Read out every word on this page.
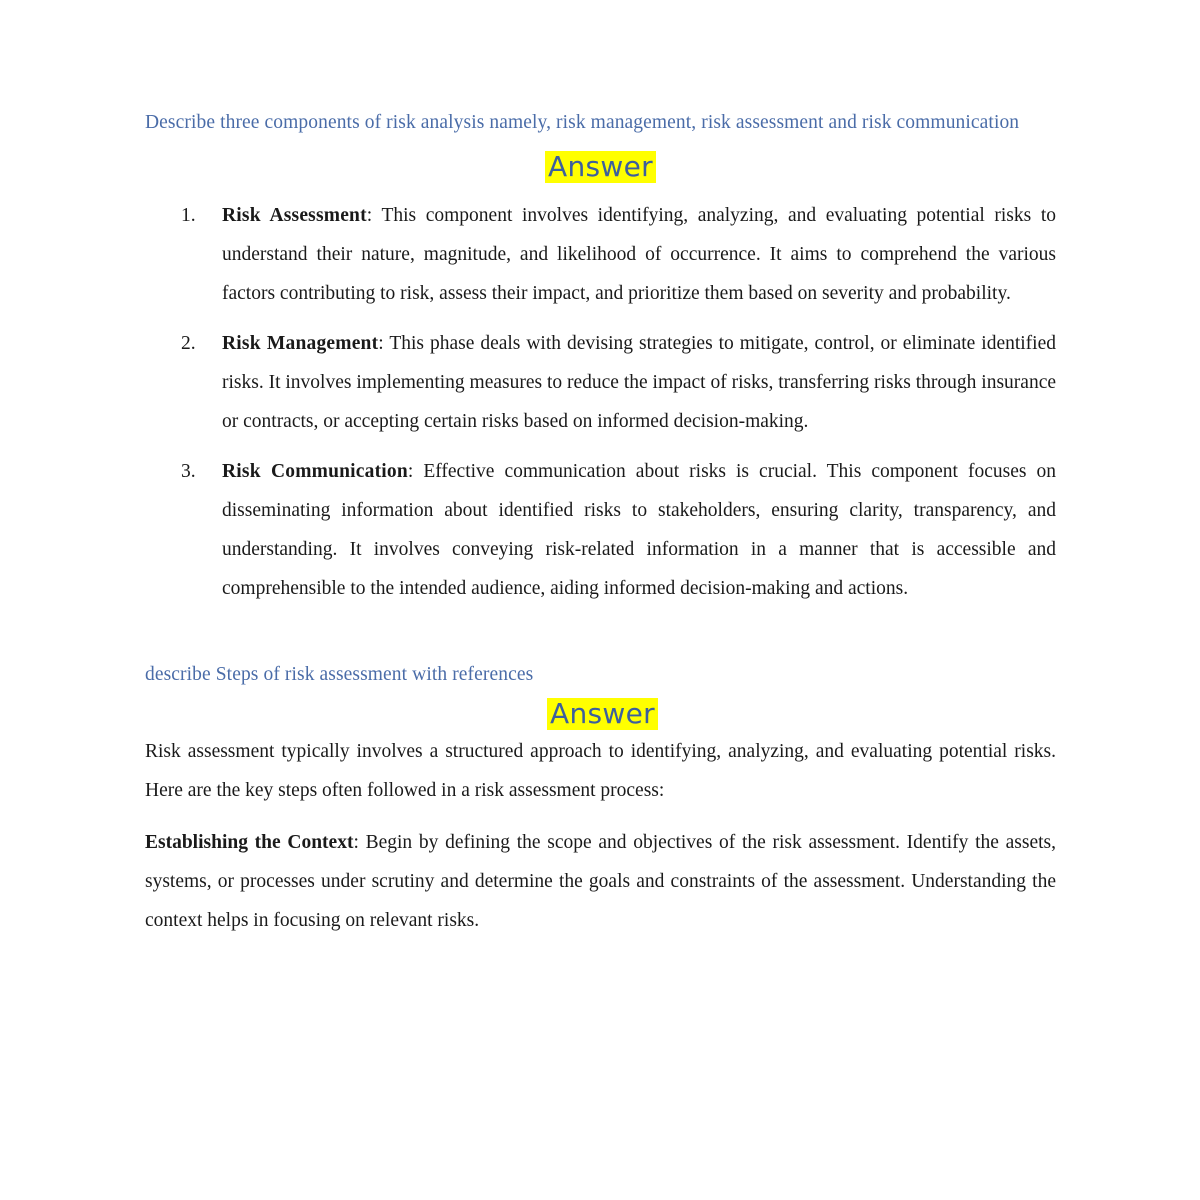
Describe three components of risk analysis namely, risk management, risk assessment and risk communication

Answer
Risk Assessment: This component involves identifying, analyzing, and evaluating potential risks to understand their nature, magnitude, and likelihood of occurrence. It aims to comprehend the various factors contributing to risk, assess their impact, and prioritize them based on severity and probability.
Risk Management: This phase deals with devising strategies to mitigate, control, or eliminate identified risks. It involves implementing measures to reduce the impact of risks, transferring risks through insurance or contracts, or accepting certain risks based on informed decision-making.
Risk Communication: Effective communication about risks is crucial. This component focuses on disseminating information about identified risks to stakeholders, ensuring clarity, transparency, and understanding. It involves conveying risk-related information in a manner that is accessible and comprehensible to the intended audience, aiding informed decision-making and actions.

describe Steps of risk assessment with references

Answer

Risk assessment typically involves a structured approach to identifying, analyzing, and evaluating potential risks. Here are the key steps often followed in a risk assessment process:

Establishing the Context: Begin by defining the scope and objectives of the risk assessment. Identify the assets, systems, or processes under scrutiny and determine the goals and constraints of the assessment. Understanding the context helps in focusing on relevant risks.
